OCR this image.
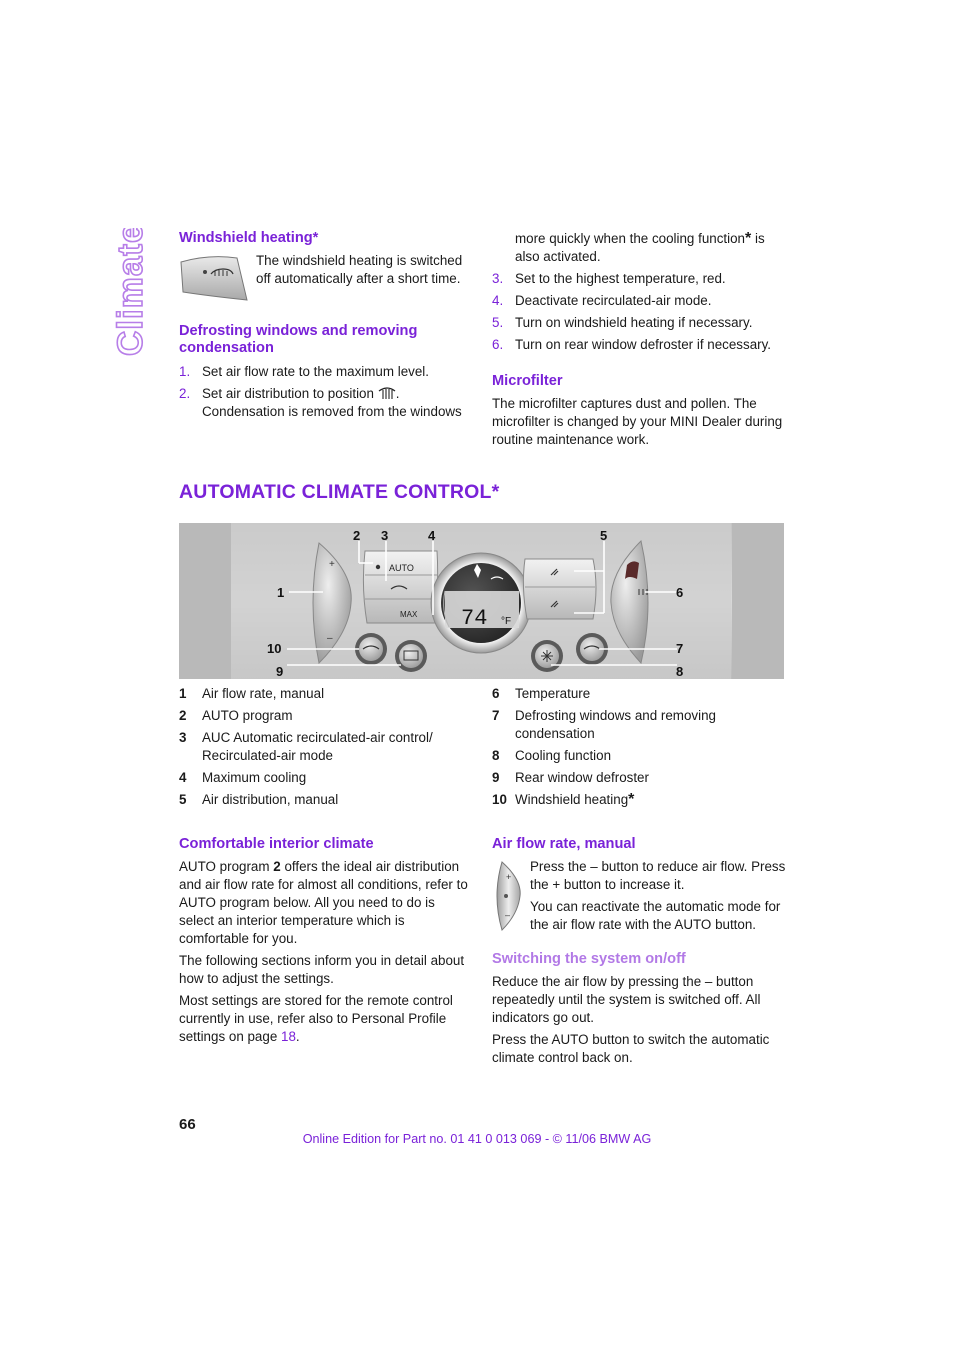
Climate Windshield heating*

The windshield heating is switched off automatically after a short time.

Defrosting windows and removing condensation
1. Set air flow rate to the maximum level.
2. Set air distribution to position . Condensation is removed from the windows

more quickly when the cooling function* is also activated.

3. Set to the highest temperature, red.
4. Deactivate recirculated-air mode.
5. Turn on windshield heating if necessary.
6. Turn on rear window defroster if necessary.
Microfilter

The microfilter captures dust and pollen. The microfilter is changed by your MINI Dealer during routine maintenance work.

AUTOMATIC CLIMATE CONTROL*
+
–
AUTO
MAX 74 °F
1
2 3	4	5
6
7
8
9
10
1 Air flow rate, manual
2 AUTO program
3 AUC Automatic recirculated-air control/ Recirculated-air mode
4 Maximum cooling
5 Air distribution, manual
6 Temperature
7 Defrosting windows and removing condensation
8 Cooling function
9 Rear window defroster
10 Windshield heating*
Comfortable interior climate

AUTO program 2 offers the ideal air distribution and air flow rate for almost all conditions, refer to AUTO program below. All you need to do is select an interior temperature which is comfortable for you.

The following sections inform you in detail about how to adjust the settings.

Most settings are stored for the remote control currently in use, refer also to Personal Profile settings on page 18.

Air flow rate, manual
+
–

Press the – button to reduce air flow. Press the + button to increase it.

You can reactivate the automatic mode for the air flow rate with the AUTO button.

Switching the system on/off

Reduce the air flow by pressing the – button repeatedly until the system is switched off. All indicators go out.

Press the AUTO button to switch the automatic climate control back on.

66
Online Edition for Part no. 01 41 0 013 069 - © 11/06 BMW AG
